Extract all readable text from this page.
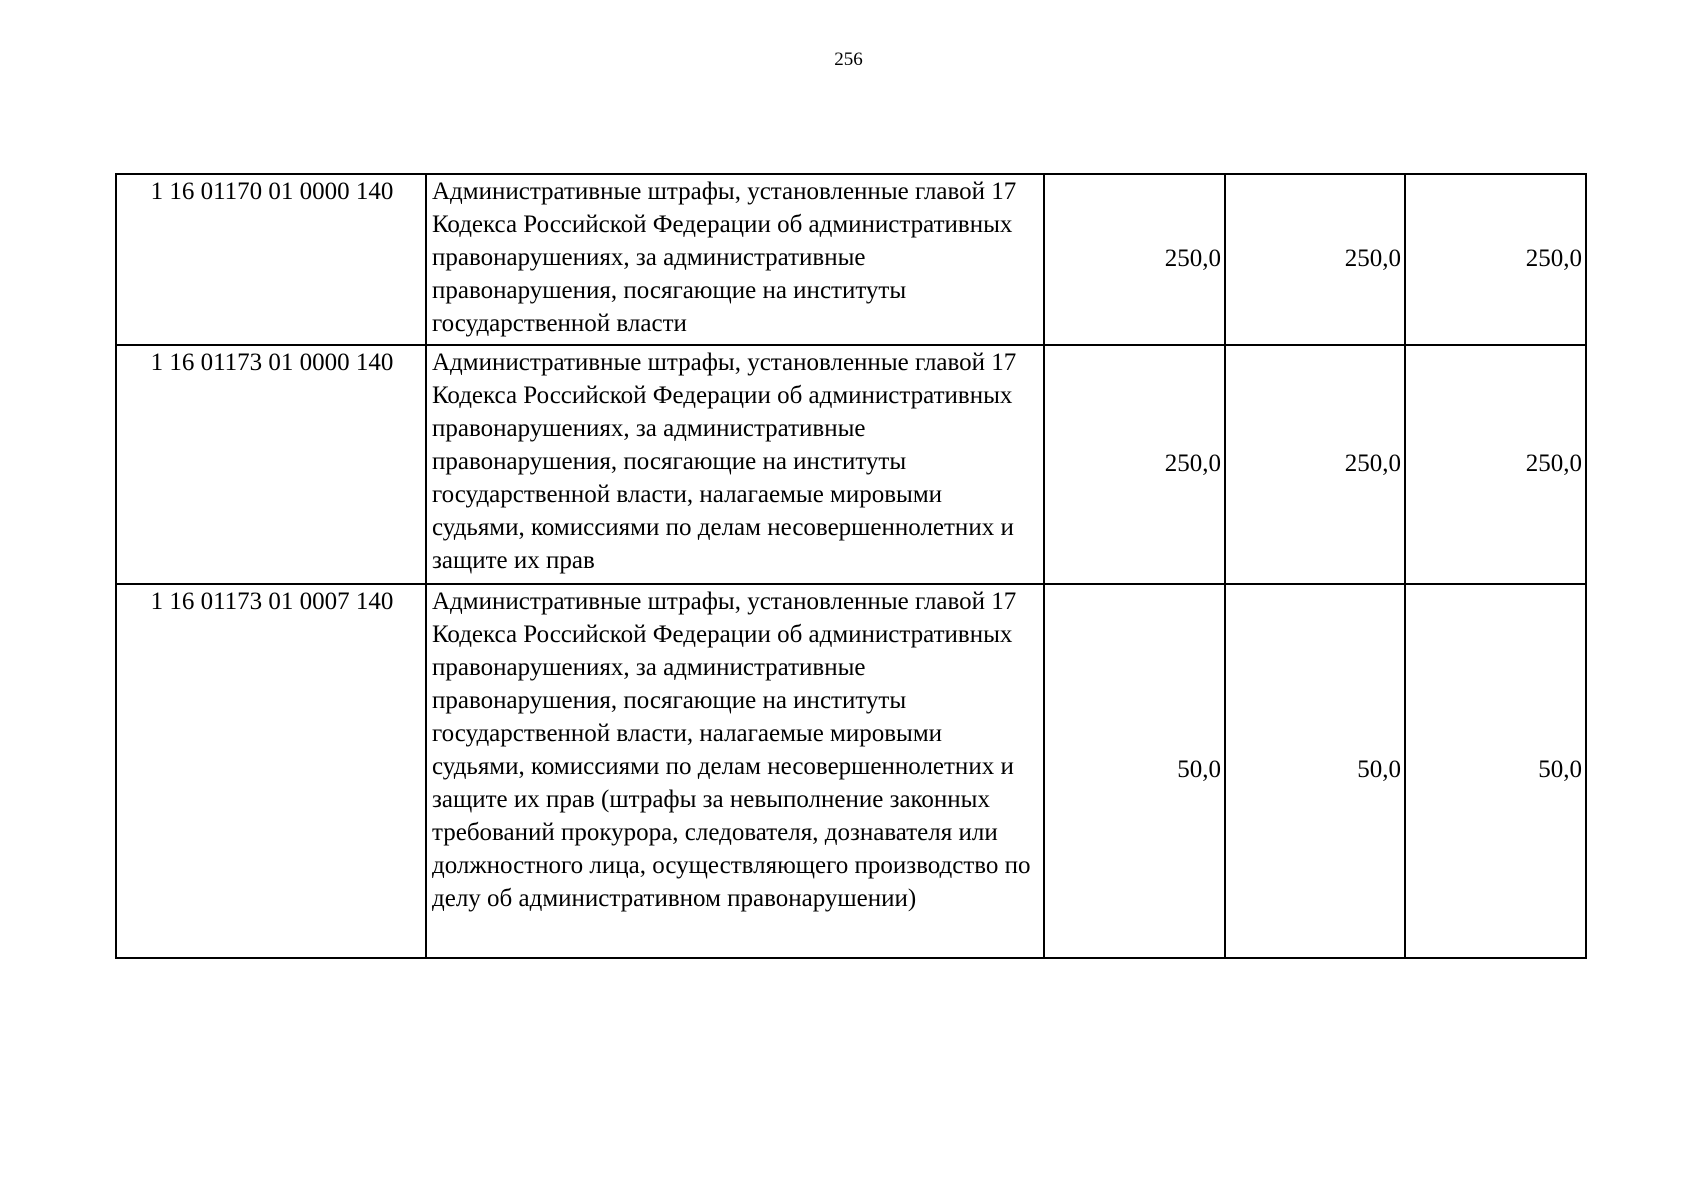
256
1 16 01170 01 0000 140	Административные штрафы, установленные главой 17 Кодекса Российской Федерации об административных правонарушениях, за административные правонарушения, посягающие на институты государственной власти	250,0	250,0	250,0
1 16 01173 01 0000 140	Административные штрафы, установленные главой 17 Кодекса Российской Федерации об административных правонарушениях, за административные правонарушения, посягающие на институты государственной власти, налагаемые мировыми судьями, комиссиями по делам несовершеннолетних и защите их прав	250,0	250,0	250,0
1 16 01173 01 0007 140	Административные штрафы, установленные главой 17 Кодекса Российской Федерации об административных правонарушениях, за административные правонарушения, посягающие на институты государственной власти, налагаемые мировыми судьями, комиссиями по делам несовершеннолетних и защите их прав (штрафы за невыполнение законных требований прокурора, следователя, дознавателя или должностного лица, осуществляющего производство по делу об административном правонарушении)	50,0	50,0	50,0
